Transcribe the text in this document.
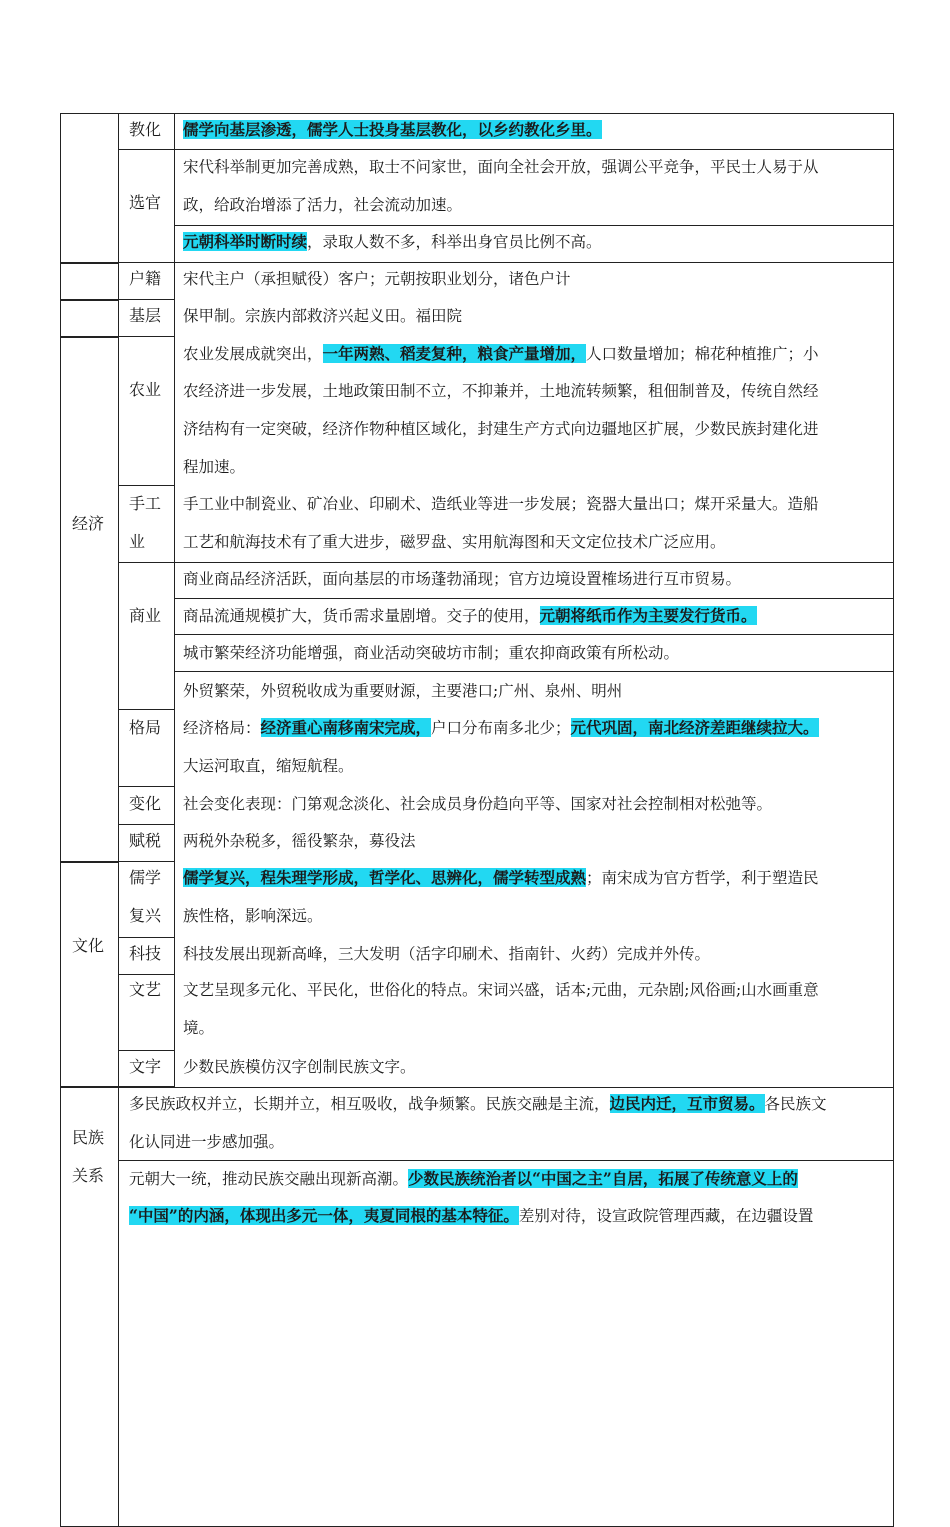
经济
文化
民族
关系
教化
选官
户籍
基层
农业
手工
业
商业
格局
变化
赋税
儒学
复兴
科技
文艺
文字
儒学向基层渗透，儒学人士投身基层教化，以乡约教化乡里。
宋代科举制更加完善成熟，取士不问家世，面向全社会开放，强调公平竞争，平民士人易于从
政，给政治增添了活力，社会流动加速。
元朝科举时断时续，录取人数不多，科举出身官员比例不高。
宋代主户（承担赋役）客户；元朝按职业划分，诸色户计
保甲制。宗族内部救济兴起义田。福田院
农业发展成就突出，一年两熟、稻麦复种，粮食产量增加，人口数量增加；棉花种植推广；小
农经济进一步发展，土地政策田制不立，不抑兼并，土地流转频繁，租佃制普及，传统自然经
济结构有一定突破，经济作物种植区域化，封建生产方式向边疆地区扩展，少数民族封建化进
程加速。
手工业中制瓷业、矿冶业、印刷术、造纸业等进一步发展；瓷器大量出口；煤开采量大。造船
工艺和航海技术有了重大进步，磁罗盘、实用航海图和天文定位技术广泛应用。
商业商品经济活跃，面向基层的市场蓬勃涌现；官方边境设置榷场进行互市贸易。
商品流通规模扩大，货币需求量剧增。交子的使用，元朝将纸币作为主要发行货币。
城市繁荣经济功能增强，商业活动突破坊市制；重农抑商政策有所松动。
外贸繁荣，外贸税收成为重要财源，主要港口;广州、泉州、明州
经济格局：经济重心南移南宋完成，户口分布南多北少；元代巩固，南北经济差距继续拉大。
大运河取直，缩短航程。
社会变化表现：门第观念淡化、社会成员身份趋向平等、国家对社会控制相对松弛等。
两税外杂税多，徭役繁杂，募役法
儒学复兴，程朱理学形成，哲学化、思辨化，儒学转型成熟；南宋成为官方哲学，利于塑造民
族性格，影响深远。
科技发展出现新高峰，三大发明（活字印刷术、指南针、火药）完成并外传。
文艺呈现多元化、平民化，世俗化的特点。宋词兴盛，话本;元曲，元杂剧;风俗画;山水画重意
境。
少数民族模仿汉字创制民族文字。
多民族政权并立，长期并立，相互吸收，战争频繁。民族交融是主流，边民内迁，互市贸易。各民族文
化认同进一步感加强。
元朝大一统，推动民族交融出现新高潮。少数民族统治者以“中国之主”自居，拓展了传统意义上的
“中国”的内涵，体现出多元一体，夷夏同根的基本特征。差别对待，设宣政院管理西藏，在边疆设置
